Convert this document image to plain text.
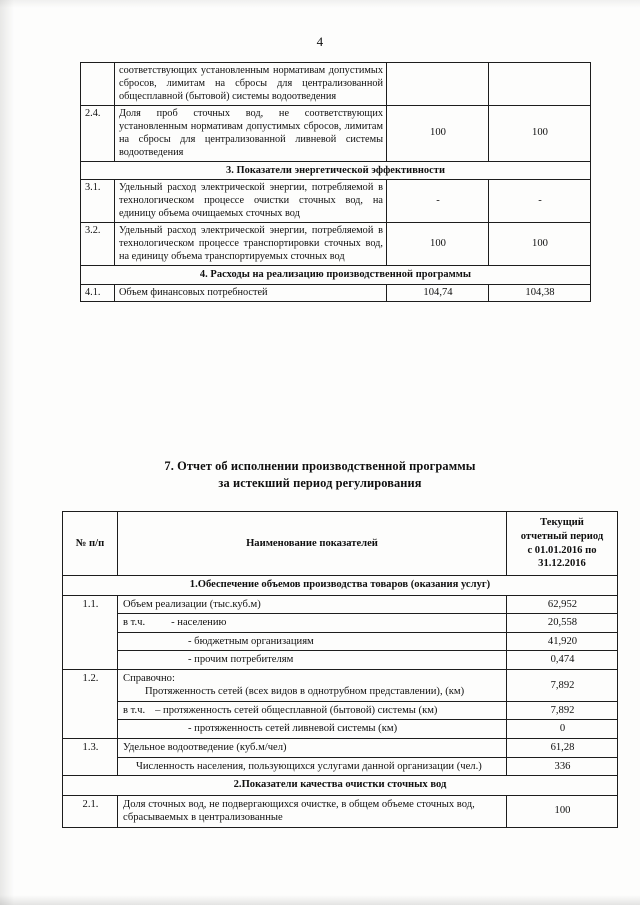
4
	соответствующих установленным нормативам допустимых сбросов, лимитам на сбросы для централизованной общесплавной (бытовой) системы водоотведения		
2.4.	Доля проб сточных вод, не соответствующих установленным нормативам допустимых сбросов, лимитам на сбросы для централизованной ливневой системы водоотведения	100	100
3. Показатели энергетической эффективности			
3.1.	Удельный расход электрической энергии, потребляемой в технологическом процессе очистки сточных вод, на единицу объема очищаемых сточных вод	-	-
3.2.	Удельный расход электрической энергии, потребляемой в технологическом процессе транспортировки сточных вод, на единицу объема транспортируемых сточных вод	100	100
4. Расходы на реализацию производственной программы			
4.1.	Объем финансовых потребностей	104,74	104,38
7. Отчет об исполнении производственной программы
за истекший период регулирования
№ п/п	Наименование показателей	Текущий
отчетный период
с 01.01.2016 по
31.12.2016

1.Обеспечение объемов производства товаров (оказания услуг)		
1.1.	Объем реализации (тыс.куб.м)	62,952
	в т.ч. - населению	20,558
	- бюджетным организациям	41,920
	- прочим потребителям	0,474
1.2.	Справочно:
Протяженность сетей (всех видов в однотрубном представлении), (км)	7,892
	в т.ч. – протяженность сетей общесплавной (бытовой) системы (км)	7,892
	- протяженность сетей ливневой системы (км)	0
1.3.	Удельное водоотведение (куб.м/чел)	61,28
	Численность населения, пользующихся услугами данной организации (чел.)	336
2.Показатели качества очистки сточных вод		
2.1.	Доля сточных вод, не подвергающихся очистке, в общем объеме сточных вод, сбрасываемых в централизованные	100
